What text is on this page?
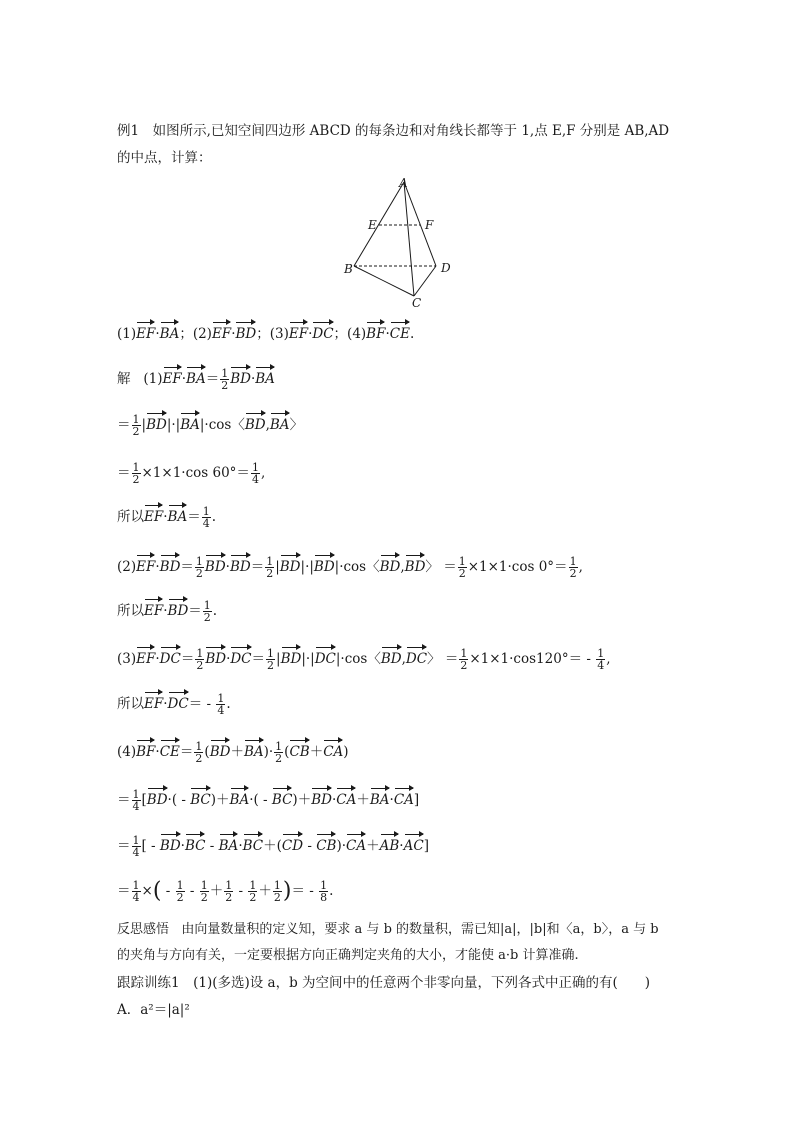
例1　如图所示,已知空间四边形 ABCD 的每条边和对角线长都等于 1,点 E,F 分别是 AB,AD
的中点，计算：
A
B
C
D
E	F
(1)EF·BA；(2)EF·BD；(3)EF·DC；(4)BF·CE.
解 $(1)EF\cdot BA= \frac{1}{2} BD\cdot BA$
＝ $\frac{1}{2} |BD|\cdot|BA|\cdot\cos$〈BD,BA〉
＝ $\frac{1}{2} \times 1\times 1\cdot\cos$ $60^\circ= \frac{1}{4}$ ,
所以$EF\cdot BA= \frac{1}{4}$ .
$(2)EF\cdot BD= \frac{1}{2} BD\cdot BD= \frac{1}{2} |BD|\cdot|BD|\cdot\cos$〈BD,BD〉 ＝ $\frac{1}{2} \times 1\times 1\cdot\cos$ $0^\circ= \frac{1}{2}$ ,
所以$EF\cdot BD= \frac{1}{2}$ .
$(3)EF\cdot DC= \frac{1}{2} BD\cdot DC= \frac{1}{2} |BD|\cdot|DC|\cdot\cos$〈BD,DC〉 ＝ $\frac{1}{2} \times 1\times 1\cdot\cos 120^\circ= - \frac{1}{4}$ ,
所以$EF\cdot DC= - \frac{1}{4}$ .
$(4)BF\cdot CE= \frac{1}{2} (BD+BA)\cdot \frac{1}{2} (CB+CA)$
＝ $\frac{1}{4} [BD\cdot( - BC)+BA\cdot( - BC)+BD\cdot CA+BA\cdot CA]$
＝ $\frac{1}{4}$ [ - BD·BC - BA·BC＋(CD - CB)·CA＋AB·AC]
＝ $\frac{1}{4}$ ×( - $\frac{1}{2} - \frac{1}{2} + \frac{1}{2} - \frac{1}{2} + \frac{1}{2}$ )＝ - $\frac{1}{8}$ .
反思感悟 由向量数量积的定义知，要求 a 与 b 的数量积，需已知|a|，|b|和〈a，b〉，a 与 b
的夹角与方向有关，一定要根据方向正确判定夹角的大小，才能使 a·b 计算准确.
跟踪训练1　(1)(多选)设 a，b 为空间中的任意两个非零向量，下列各式中正确的有(　　)
A．a²＝|a|²
